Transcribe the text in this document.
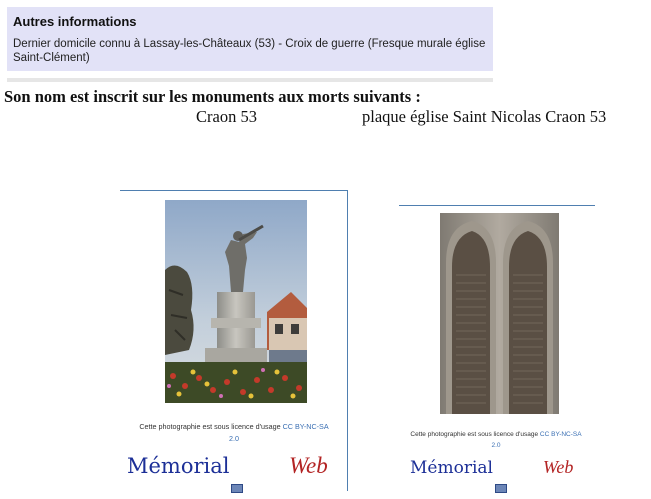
Autres informations
Dernier domicile connu à Lassay-les-Châteaux (53) - Croix de guerre (Fresque murale église Saint-Clément)
Son nom est inscrit sur les monuments aux morts suivants :
Craon 53	plaque église Saint Nicolas Craon 53
Cette photographie est sous licence d'usage CC BY-NC-SA
2.0
Mémorial	Web
Cette photographie est sous licence d'usage CC BY-NC-SA
2.0
Mémorial	Web
